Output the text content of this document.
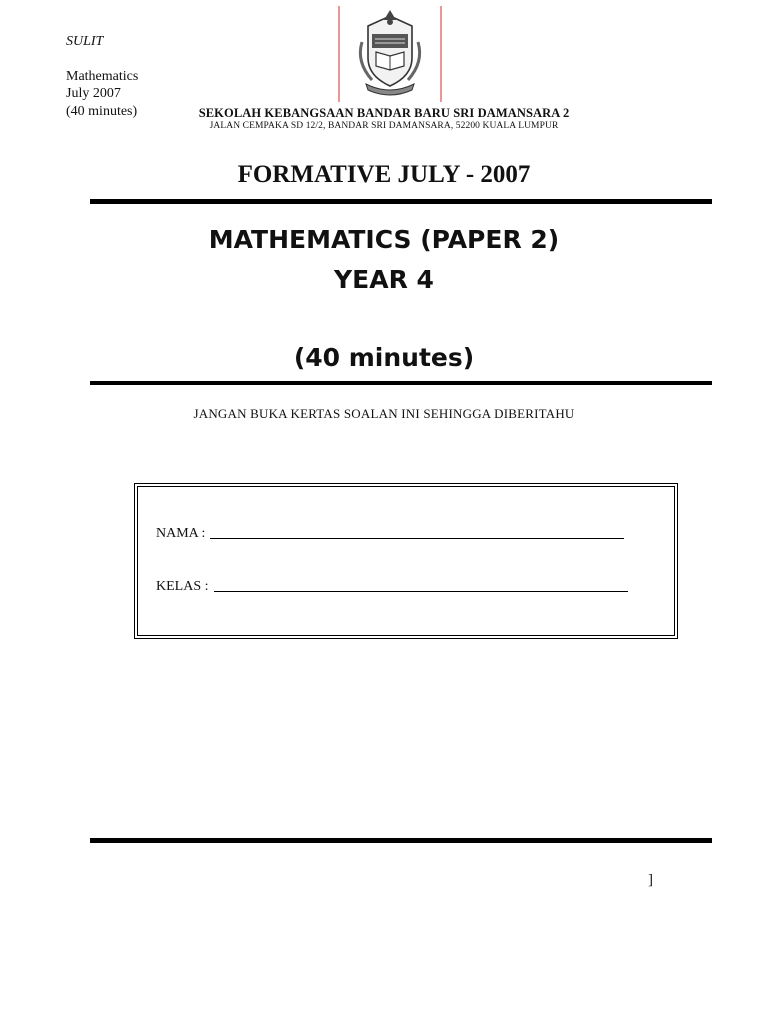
SULIT
Mathematics
July 2007
(40 minutes)	SEKOLAH KEBANGSAAN BANDAR BARU SRI DAMANSARA 2
JALAN CEMPAKA SD 12/2, BANDAR SRI DAMANSARA, 52200 KUALA LUMPUR
FORMATIVE JULY - 2007
MATHEMATICS (PAPER 2)
YEAR 4
(40 minutes)
JANGAN BUKA KERTAS SOALAN INI SEHINGGA DIBERITAHU
NAMA :
KELAS :
]
